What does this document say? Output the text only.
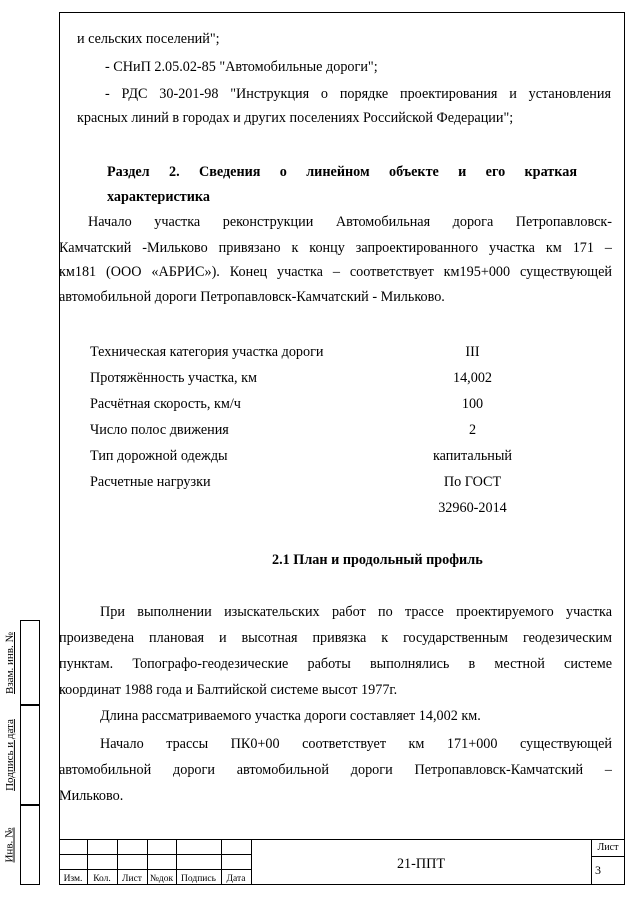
и сельских поселений";
- СНиП 2.05.02-85 "Автомобильные дороги";
- РДС 30-201-98 "Инструкция о порядке проектирования и установления
красных линий в городах и других поселениях Российской Федерации";
Раздел 2. Сведения о линейном объекте и его краткая
характеристика
Начало участка реконструкции Автомобильная дорога Петропавловск-
Камчатский -Мильково привязано к концу запроектированного участка км 171 –
км181 (ООО «АБРИС»). Конец участка – соответствует км195+000 существующей
автомобильной дороги Петропавловск-Камчатский - Мильково.
Техническая категория участка дороги	III
Протяжённость участка, км	14,002
Расчётная скорость, км/ч	100
Число полос движения	2
Тип дорожной одежды	капитальный
Расчетные нагрузки	По ГОСТ
32960-2014
2.1 План и продольный профиль
При выполнении изыскательских работ по трассе проектируемого участка
произведена плановая и высотная привязка к государственным геодезическим
пунктам. Топографо-геодезические работы выполнялись в местной системе
координат 1988 года и Балтийской системе высот 1977г.
Длина рассматриваемого участка дороги составляет 14,002 км.
Начало трассы ПК0+00 соответствует км 171+000 существующей
автомобильной дороги автомобильной дороги Петропавловск-Камчатский –
Мильково.
Взам. инв. №
Подпись и дата
Инв. №
Изм.	Кол.	Лист №док Подпись	Дата
21-ППТ
Лист
3
